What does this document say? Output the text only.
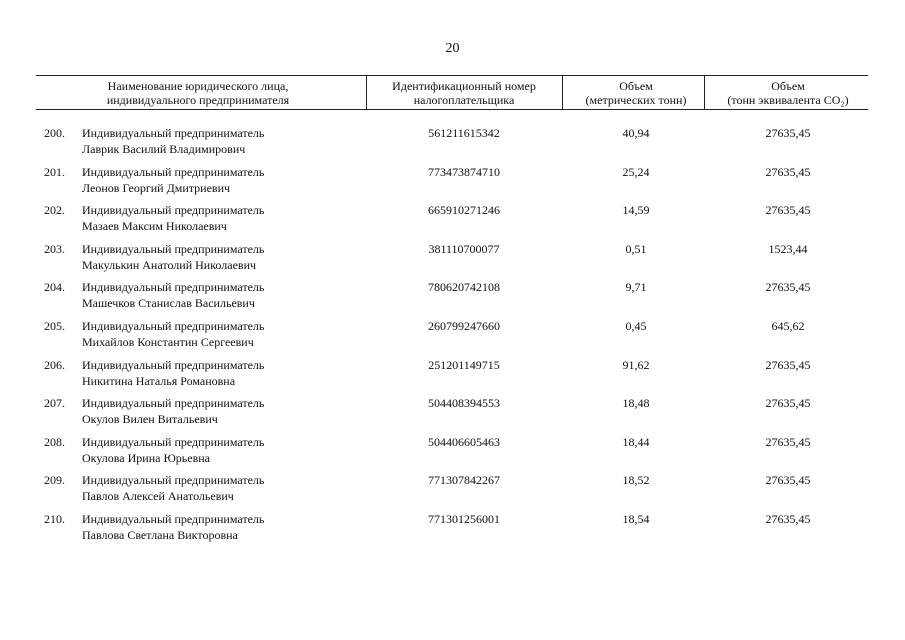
20
Наименование юридического лица,
индивидуального предпринимателя
Идентификационный номер
налогоплательщика
Объем
(метрических тонн)
Объем
(тонн эквивалента CO₂)
200. Индивидуальный предприниматель
Лаврик Василий Владимирович
561211615342	40,94	27635,45
201. Индивидуальный предприниматель
Леонов Георгий Дмитриевич
773473874710	25,24	27635,45
202. Индивидуальный предприниматель
Мазаев Максим Николаевич
665910271246	14,59	27635,45
203. Индивидуальный предприниматель
Макулькин Анатолий Николаевич
381110700077	0,51	1523,44
204. Индивидуальный предприниматель
Машечков Станислав Васильевич
780620742108	9,71	27635,45
205. Индивидуальный предприниматель
Михайлов Константин Сергеевич
260799247660	0,45	645,62
206. Индивидуальный предприниматель
Никитина Наталья Романовна
251201149715	91,62	27635,45
207. Индивидуальный предприниматель
Окулов Вилен Витальевич
504408394553	18,48	27635,45
208. Индивидуальный предприниматель
Окулова Ирина Юрьевна
504406605463	18,44	27635,45
209. Индивидуальный предприниматель
Павлов Алексей Анатольевич
771307842267	18,52	27635,45
210. Индивидуальный предприниматель
Павлова Светлана Викторовна
771301256001	18,54	27635,45
